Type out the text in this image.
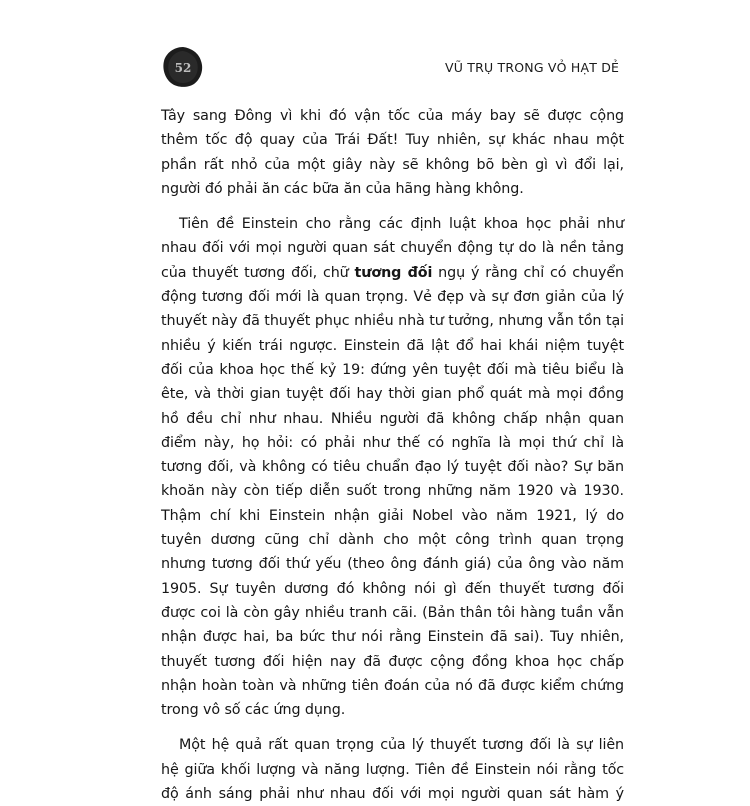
52	VŨ TRỤ TRONG VỎ HẠT DẺ

Tây sang Đông vì khi đó vận tốc của máy bay sẽ được cộng
thêm tốc độ quay của Trái Đất! Tuy nhiên, sự khác nhau một
phần rất nhỏ của một giây này sẽ không bõ bèn gì vì đổi lại,
người đó phải ăn các bữa ăn của hãng hàng không.

Tiên đề Einstein cho rằng các định luật khoa học phải như
nhau đối với mọi người quan sát chuyển động tự do là nền tảng
của thuyết tương đối, chữ tương đối ngụ ý rằng chỉ có chuyển
động tương đối mới là quan trọng. Vẻ đẹp và sự đơn giản của lý
thuyết này đã thuyết phục nhiều nhà tư tưởng, nhưng vẫn tồn tại
nhiều ý kiến trái ngược. Einstein đã lật đổ hai khái niệm tuyệt
đối của khoa học thế kỷ 19: đứng yên tuyệt đối mà tiêu biểu là
ête, và thời gian tuyệt đối hay thời gian phổ quát mà mọi đồng
hồ đều chỉ như nhau. Nhiều người đã không chấp nhận quan
điểm này, họ hỏi: có phải như thế có nghĩa là mọi thứ chỉ là
tương đối, và không có tiêu chuẩn đạo lý tuyệt đối nào? Sự băn
khoăn này còn tiếp diễn suốt trong những năm 1920 và 1930.
Thậm chí khi Einstein nhận giải Nobel vào năm 1921, lý do
tuyên dương cũng chỉ dành cho một công trình quan trọng
nhưng tương đối thứ yếu (theo ông đánh giá) của ông vào năm
1905. Sự tuyên dương đó không nói gì đến thuyết tương đối
được coi là còn gây nhiều tranh cãi. (Bản thân tôi hàng tuần vẫn
nhận được hai, ba bức thư nói rằng Einstein đã sai). Tuy nhiên,
thuyết tương đối hiện nay đã được cộng đồng khoa học chấp
nhận hoàn toàn và những tiên đoán của nó đã được kiểm chứng
trong vô số các ứng dụng.

Một hệ quả rất quan trọng của lý thuyết tương đối là sự liên
hệ giữa khối lượng và năng lượng. Tiên đề Einstein nói rằng tốc
độ ánh sáng phải như nhau đối với mọi người quan sát hàm ý
